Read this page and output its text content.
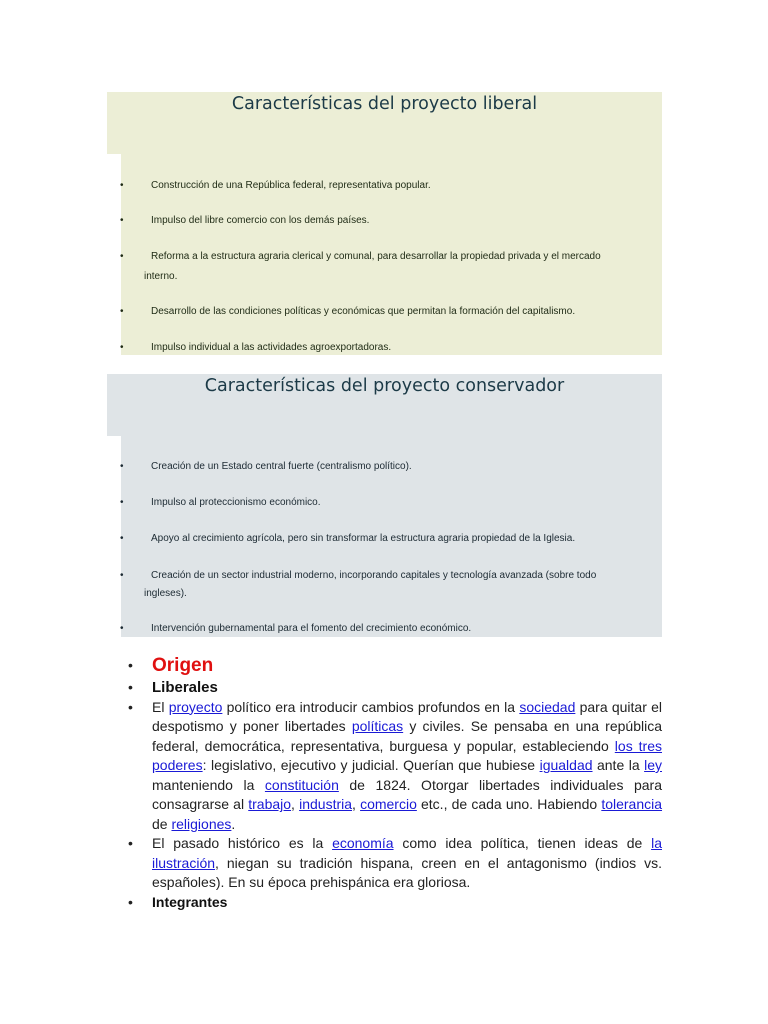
Características del proyecto liberal
•	Construcción de una República federal, representativa popular.
•	Impulso del libre comercio con los demás países.
•	Reforma a la estructura agraria clerical y comunal, para desarrollar la propiedad privada y el mercado
interno.
•	Desarrollo de las condiciones políticas y económicas que permitan la formación del capitalismo.
•	Impulso individual a las actividades agroexportadoras.
Características del proyecto conservador
•	Creación de un Estado central fuerte (centralismo político).
•	Impulso al proteccionismo económico.
•	Apoyo al crecimiento agrícola, pero sin transformar la estructura agraria propiedad de la Iglesia.
•	Creación de un sector industrial moderno, incorporando capitales y tecnología avanzada (sobre todo
ingleses).
•	Intervención gubernamental para el fomento del crecimiento económico.
• Origen
• Liberales
• El proyecto político era introducir cambios profundos en la sociedad para quitar el despotismo y poner libertades políticas y civiles. Se pensaba en una república federal, democrática, representativa, burguesa y popular, estableciendo los tres poderes: legislativo, ejecutivo y judicial. Querían que hubiese igualdad ante la ley manteniendo la constitución de 1824. Otorgar libertades individuales para consagrarse al trabajo, industria, comercio etc., de cada uno. Habiendo tolerancia de religiones.
• El pasado histórico es la economía como idea política, tienen ideas de la ilustración, niegan su tradición hispana, creen en el antagonismo (indios vs. españoles). En su época prehispánica era gloriosa.
• Integrantes
